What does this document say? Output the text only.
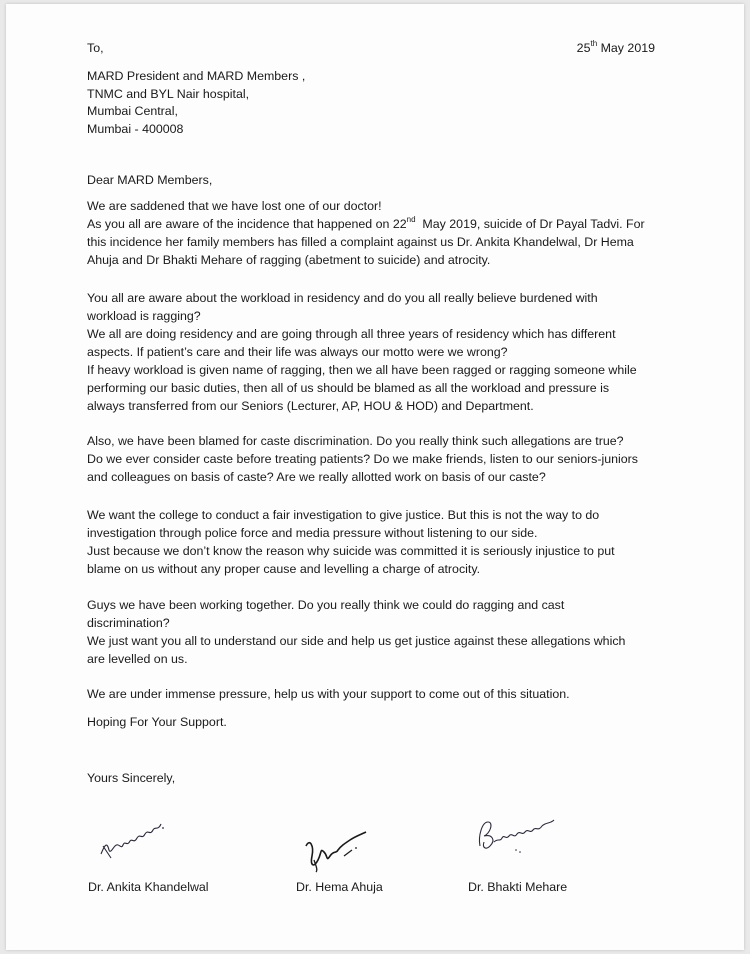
To,	25th May 2019
MARD President and MARD Members ,
TNMC and BYL Nair hospital,
Mumbai Central,
Mumbai - 400008
Dear MARD Members,
We are saddened that we have lost one of our doctor!
As you all are aware of the incidence that happened on 22nd  May 2019, suicide of Dr Payal Tadvi. For
this incidence her family members has filled a complaint against us Dr. Ankita Khandelwal, Dr Hema
Ahuja and Dr Bhakti Mehare of ragging (abetment to suicide) and atrocity.
You all are aware about the workload in residency and do you all really believe burdened with
workload is ragging?
We all are doing residency and are going through all three years of residency which has different
aspects. If patient’s care and their life was always our motto were we wrong?
If heavy workload is given name of ragging, then we all have been ragged or ragging someone while
performing our basic duties, then all of us should be blamed as all the workload and pressure is
always transferred from our Seniors (Lecturer, AP, HOU & HOD) and Department.
Also, we have been blamed for caste discrimination. Do you really think such allegations are true?
Do we ever consider caste before treating patients? Do we make friends, listen to our seniors-juniors
and colleagues on basis of caste? Are we really allotted work on basis of our caste?
We want the college to conduct a fair investigation to give justice. But this is not the way to do
investigation through police force and media pressure without listening to our side.
Just because we don’t know the reason why suicide was committed it is seriously injustice to put
blame on us without any proper cause and levelling a charge of atrocity.
Guys we have been working together. Do you really think we could do ragging and cast
discrimination?
We just want you all to understand our side and help us get justice against these allegations which
are levelled on us.
We are under immense pressure, help us with your support to come out of this situation.
Hoping For Your Support.
Yours Sincerely,
Dr. Ankita Khandelwal	Dr. Hema Ahuja	Dr. Bhakti Mehare
